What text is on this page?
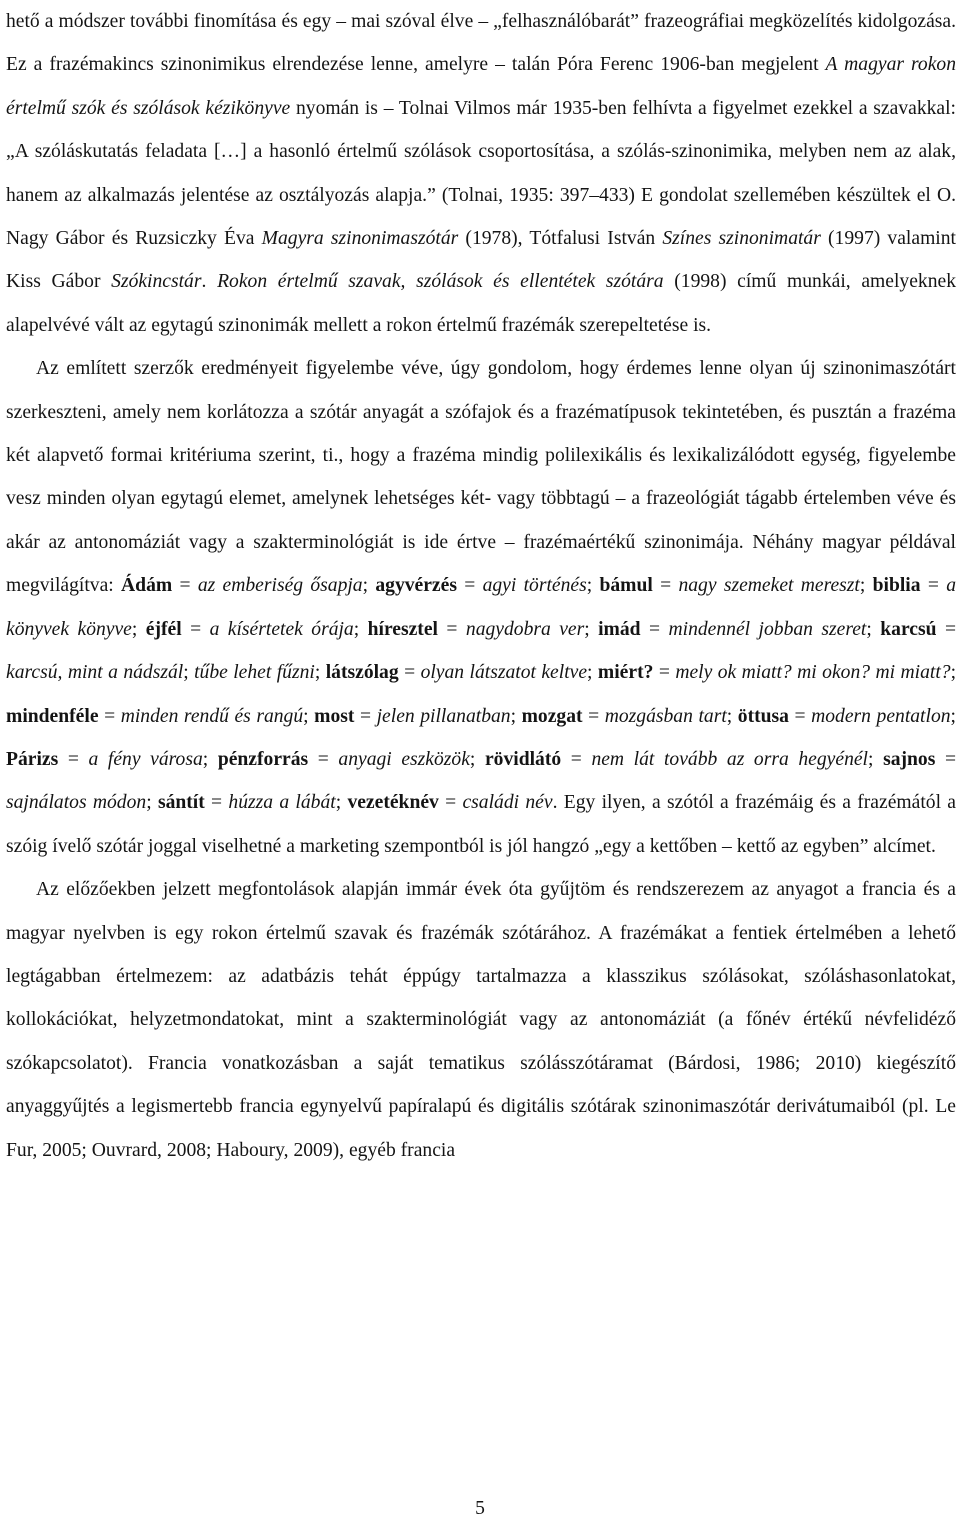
hető a módszer további finomítása és egy – mai szóval élve – „felhasználóbarát” frazeográfiai megközelítés kidolgozása. Ez a frazémakincs szinonimikus elrendezése lenne, amelyre – talán Póra Ferenc 1906-ban megjelent A magyar rokon értelmű szók és szólások kézikönyve nyomán is – Tolnai Vilmos már 1935-ben felhívta a figyelmet ezekkel a szavakkal: „A szóláskutatás feladata […] a hasonló értelmű szólások csoportosítása, a szólás-szinonimika, melyben nem az alak, hanem az alkalmazás jelentése az osztályozás alapja.” (Tolnai, 1935: 397–433) E gondolat szellemében készültek el O. Nagy Gábor és Ruzsiczky Éva Magyra szinonimaszótár (1978), Tótfalusi István Színes szinonimatár (1997) valamint Kiss Gábor Szókincstár. Rokon értelmű szavak, szólások és ellentétek szótára (1998) című munkái, amelyeknek alapelvévé vált az egytagú szinonimák mellett a rokon értelmű frazémák szerepeltetése is.

Az említett szerzők eredményeit figyelembe véve, úgy gondolom, hogy érdemes lenne olyan új szinonimaszótárt szerkeszteni, amely nem korlátozza a szótár anyagát a szófajok és a frazématípusok tekintetében, és pusztán a frazéma két alapvető formai kritériuma szerint, ti., hogy a frazéma mindig polilexikális és lexikalizálódott egység, figyelembe vesz minden olyan egytagú elemet, amelynek lehetséges két- vagy többtagú – a frazeológiát tágabb értelemben véve és akár az antonomáziát vagy a szakterminológiát is ide értve – frazémaértékű szinonimája. Néhány magyar példával megvilágítva: Ádám = az emberiség ősapja; agyvérzés = agyi történés; bámul = nagy szemeket mereszt; biblia = a könyvek könyve; éjfél = a kísértetek órája; híresztel = nagydobra ver; imád = mindennél jobban szeret; karcsú = karcsú, mint a nádszál; tűbe lehet fűzni; látszólag = olyan látszatot keltve; miért? = mely ok miatt? mi okon? mi miatt?; mindenféle = minden rendű és rangú; most = jelen pillanatban; mozgat = mozgásban tart; öttusa = modern pentatlon; Párizs = a fény városa; pénzforrás = anyagi eszközök; rövidlátó = nem lát tovább az orra hegyénél; sajnos = sajnálatos módon; sántít = húzza a lábát; vezetéknév = családi név. Egy ilyen, a szótól a frazémáig és a frazémától a szóig ívelő szótár joggal viselhetné a marketing szempontból is jól hangzó „egy a kettőben – kettő az egyben” alcímet.

Az előzőekben jelzett megfontolások alapján immár évek óta gyűjtöm és rendszerezem az anyagot a francia és a magyar nyelvben is egy rokon értelmű szavak és frazémák szótárához. A frazémákat a fentiek értelmében a lehető legtágabban értelmezem: az adatbázis tehát éppúgy tartalmazza a klasszikus szólásokat, szóláshasonlatokat, kollokációkat, helyzetmondatokat, mint a szakterminológiát vagy az antonomáziát (a főnév értékű névfelidéző szókapcsolatot). Francia vonatkozásban a saját tematikus szólásszótáramat (Bárdosi, 1986; 2010) kiegészítő anyaggyűjtés a legismertebb francia egynyelvű papíralapú és digitális szótárak szinonimaszótár derivátumaiból (pl. Le Fur, 2005; Ouvrard, 2008; Haboury, 2009), egyéb francia

5
